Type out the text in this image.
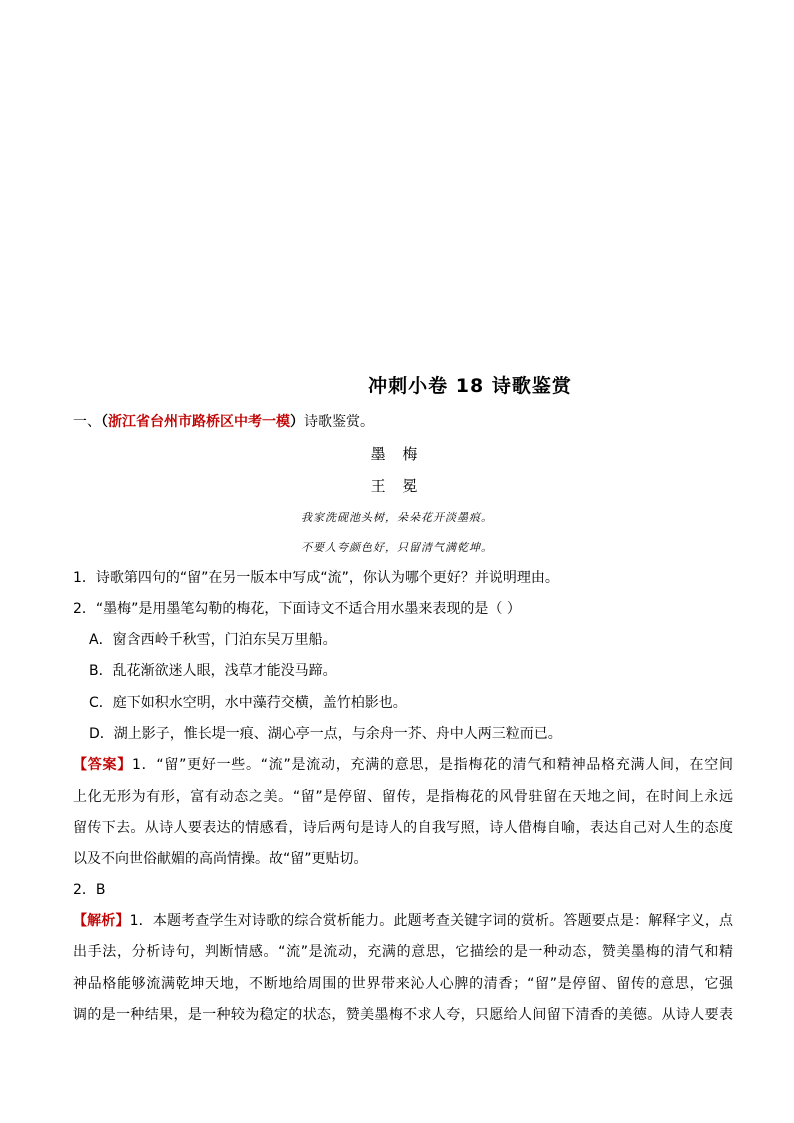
冲刺小卷 18 诗歌鉴赏
一、（浙江省台州市路桥区中考一模）诗歌鉴赏。
墨 梅
王 冕
我家洗砚池头树，朵朵花开淡墨痕。
不要人夸颜色好，只留清气满乾坤。
1．诗歌第四句的“留”在另一版本中写成“流”，你认为哪个更好？并说明理由。
2．“墨梅”是用墨笔勾勒的梅花，下面诗文不适合用水墨来表现的是（ ）
A．窗含西岭千秋雪，门泊东吴万里船。
B．乱花渐欲迷人眼，浅草才能没马蹄。
C．庭下如积水空明，水中藻荇交横，盖竹柏影也。
D．湖上影子，惟长堤一痕、湖心亭一点，与余舟一芥、舟中人两三粒而已。
【答案】1．“留”更好一些。“流”是流动，充满的意思，是指梅花的清气和精神品格充满人间，在空间
上化无形为有形，富有动态之美。“留”是停留、留传，是指梅花的风骨驻留在天地之间，在时间上永远
留传下去。从诗人要表达的情感看，诗后两句是诗人的自我写照，诗人借梅自喻，表达自己对人生的态度
以及不向世俗献媚的高尚情操。故“留”更贴切。
2．B
【解析】1．本题考查学生对诗歌的综合赏析能力。此题考查关键字词的赏析。答题要点是：解释字义，点
出手法，分析诗句，判断情感。“流”是流动，充满的意思，它描绘的是一种动态，赞美墨梅的清气和精
神品格能够流满乾坤天地，不断地给周围的世界带来沁人心脾的清香；“留”是停留、留传的意思，它强
调的是一种结果，是一种较为稳定的状态，赞美墨梅不求人夸，只愿给人间留下清香的美德。从诗人要表
